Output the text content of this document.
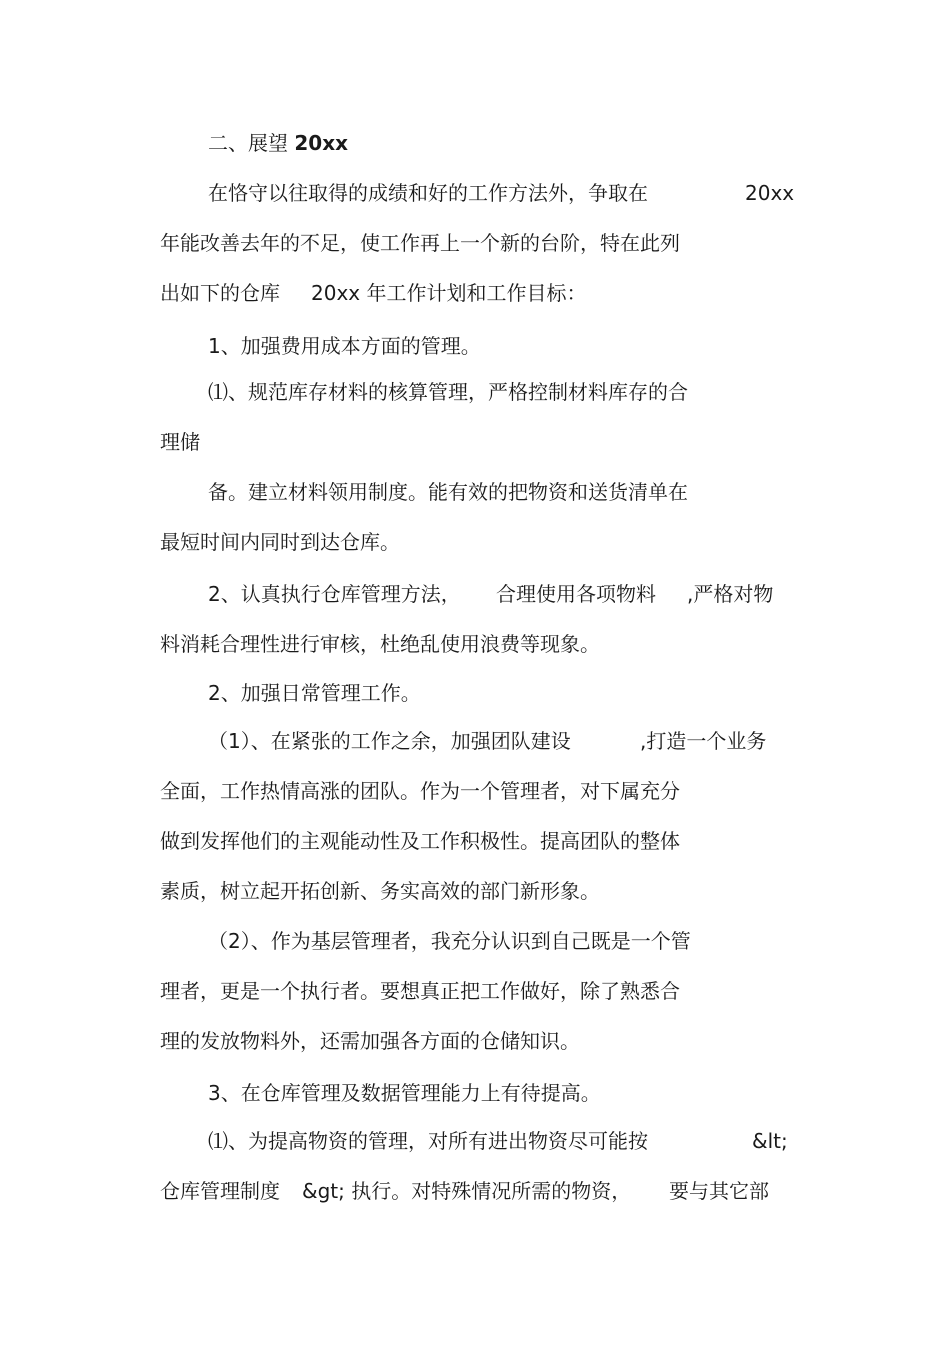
二、展望 20xx
在恪守以往取得的成绩和好的工作方法外，争取在	20xx
年能改善去年的不足，使工作再上一个新的台阶，特在此列
出如下的仓库 20xx 年工作计划和工作目标：
1、加强费用成本方面的管理。
⑴、规范库存材料的核算管理，严格控制材料库存的合
理储
备。建立材料领用制度。能有效的把物资和送货清单在
最短时间内同时到达仓库。
2、认真执行仓库管理方法， 合理使用各项物料 ,严格对物
料消耗合理性进行审核，杜绝乱使用浪费等现象。
2、加强日常管理工作。
（1）、在紧张的工作之余，加强团队建设	,打造一个业务
全面，工作热情高涨的团队。作为一个管理者，对下属充分
做到发挥他们的主观能动性及工作积极性。提高团队的整体
素质，树立起开拓创新、务实高效的部门新形象。
（2）、作为基层管理者，我充分认识到自己既是一个管
理者，更是一个执行者。要想真正把工作做好，除了熟悉合
理的发放物料外，还需加强各方面的仓储知识。
3、在仓库管理及数据管理能力上有待提高。
⑴、为提高物资的管理，对所有进出物资尽可能按	&lt;
仓库管理制度 &gt; 执行。对特殊情况所需的物资， 要与其它部
